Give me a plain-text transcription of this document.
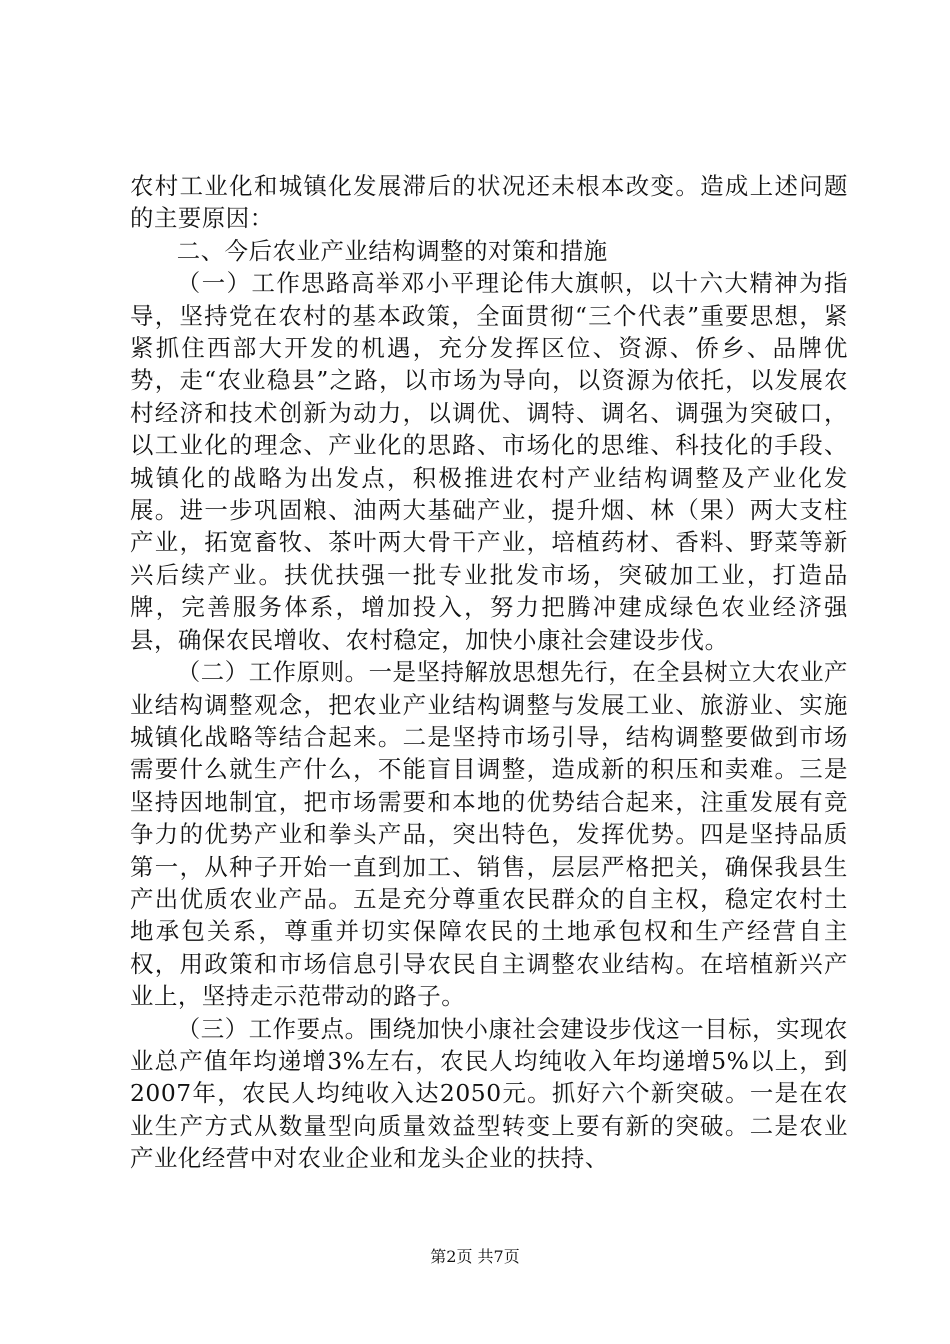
农村工业化和城镇化发展滞后的状况还未根本改变。造成上述问题的主要原因：

二、今后农业产业结构调整的对策和措施

（一）工作思路高举邓小平理论伟大旗帜，以十六大精神为指导，坚持党在农村的基本政策，全面贯彻“三个代表”重要思想，紧紧抓住西部大开发的机遇，充分发挥区位、资源、侨乡、品牌优势，走“农业稳县”之路，以市场为导向，以资源为依托，以发展农村经济和技术创新为动力，以调优、调特、调名、调强为突破口，以工业化的理念、产业化的思路、市场化的思维、科技化的手段、城镇化的战略为出发点，积极推进农村产业结构调整及产业化发展。进一步巩固粮、油两大基础产业，提升烟、林（果）两大支柱产业，拓宽畜牧、茶叶两大骨干产业，培植药材、香料、野菜等新兴后续产业。扶优扶强一批专业批发市场，突破加工业，打造品牌，完善服务体系，增加投入，努力把腾冲建成绿色农业经济强县，确保农民增收、农村稳定，加快小康社会建设步伐。

（二）工作原则。一是坚持解放思想先行，在全县树立大农业产业结构调整观念，把农业产业结构调整与发展工业、旅游业、实施城镇化战略等结合起来。二是坚持市场引导，结构调整要做到市场需要什么就生产什么，不能盲目调整，造成新的积压和卖难。三是坚持因地制宜，把市场需要和本地的优势结合起来，注重发展有竞争力的优势产业和拳头产品，突出特色，发挥优势。四是坚持品质第一，从种子开始一直到加工、销售，层层严格把关，确保我县生产出优质农业产品。五是充分尊重农民群众的自主权，稳定农村土地承包关系，尊重并切实保障农民的土地承包权和生产经营自主权，用政策和市场信息引导农民自主调整农业结构。在培植新兴产业上，坚持走示范带动的路子。

（三）工作要点。围绕加快小康社会建设步伐这一目标，实现农业总产值年均递增3%左右，农民人均纯收入年均递增5%以上，到2007年，农民人均纯收入达2050元。抓好六个新突破。一是在农业生产方式从数量型向质量效益型转变上要有新的突破。二是农业产业化经营中对农业企业和龙头企业的扶持、

第2页 共7页
